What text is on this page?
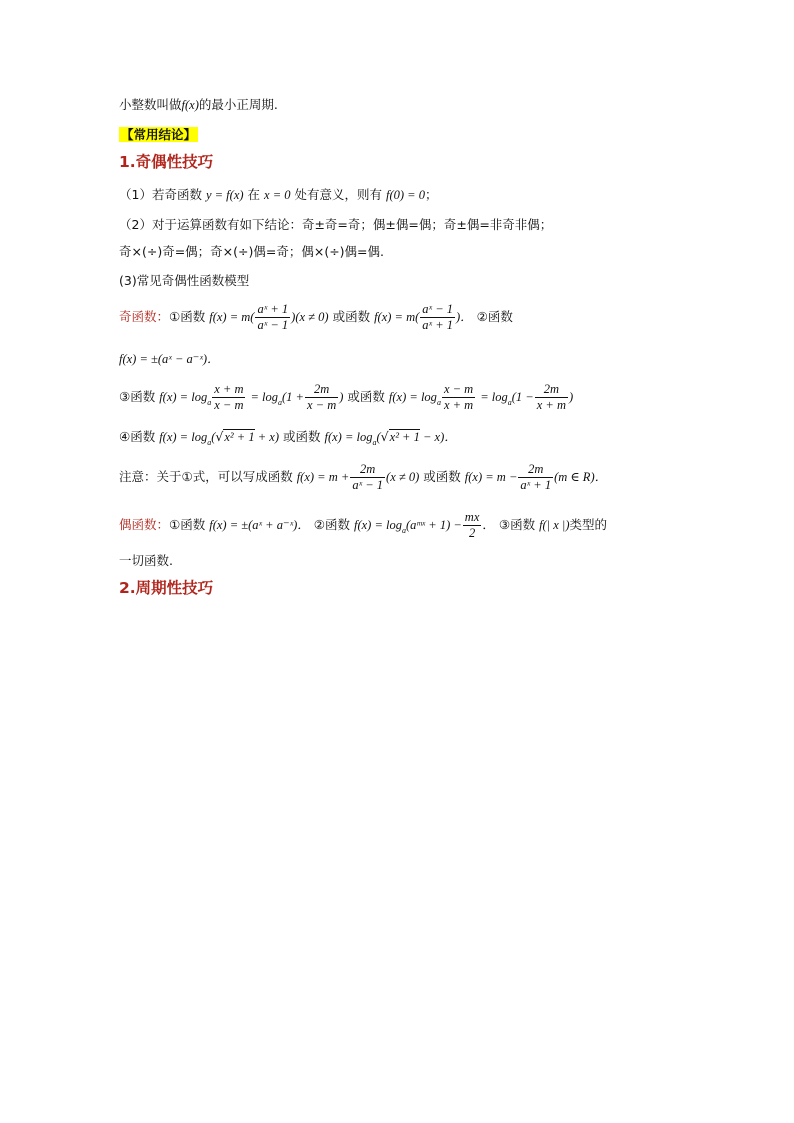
小整数叫做f(x)的最小正周期.
【常用结论】
1.奇偶性技巧
（1）若奇函数 y = f(x) 在 x = 0 处有意义，则有 f(0) = 0；
（2）对于运算函数有如下结论：奇±奇=奇；偶±偶=偶；奇±偶=非奇非偶；
奇×(÷)奇=偶；奇×(÷)偶=奇；偶×(÷)偶=偶.
(3)常见奇偶性函数模型
奇函数：①函数 $f(x) = m( \frac{\text{aˣ + 1}}{\text{aˣ − 1}} )(x \ne 0)$ 或函数 $f(x) = m( \frac{\text{aˣ − 1}}{\text{aˣ + 1}}$ )． ②函数
f(x) = ±(aˣ − a⁻ˣ)．
③函数 $f(x) = \log_a \frac{x + m}{x - m} = \log_a(1 + \frac{2m}{x - m}$ ) 或函数 $f(x) = \log_a \frac{x - m}{x + m} = \log_a(1 - \frac{2m}{x + m}$ )
④函数 $f(x) = \log_a(√x^2 + 1 + x)$ 或函数 $f(x) = \log_a(√x^2 + 1 - x)$．
注意：关于①式，可以写成函数 $f(x) = m + \frac{2m}{\text{aˣ − 1}} (x \ne 0)$ 或函数 $f(x) = m - \frac{2m}{\text{aˣ + 1}} (m$ ∈ R)．
偶函数：①函数 f(x) = ±(aˣ + a⁻ˣ)． ②函数 $f(x) = \log_a(aᵐˣ + 1) - \frac{mx}{2}$ ． ③函数 f(| x |)类型的
一切函数.
2.周期性技巧
